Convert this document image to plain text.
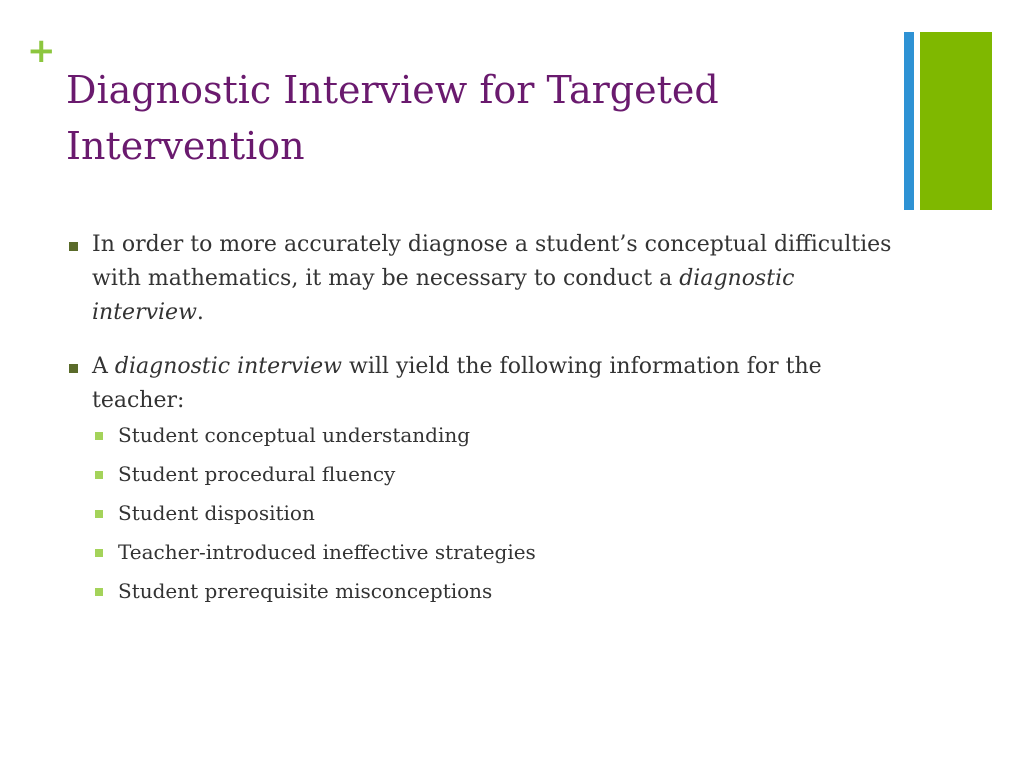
+
Diagnostic Interview for Targeted Intervention
In order to more accurately diagnose a student’s conceptual difficulties with mathematics, it may be necessary to conduct a diagnostic interview.
A diagnostic interview will yield the following information for the teacher:
Student conceptual understanding
Student procedural fluency
Student disposition
Teacher-introduced ineffective strategies
Student prerequisite misconceptions
